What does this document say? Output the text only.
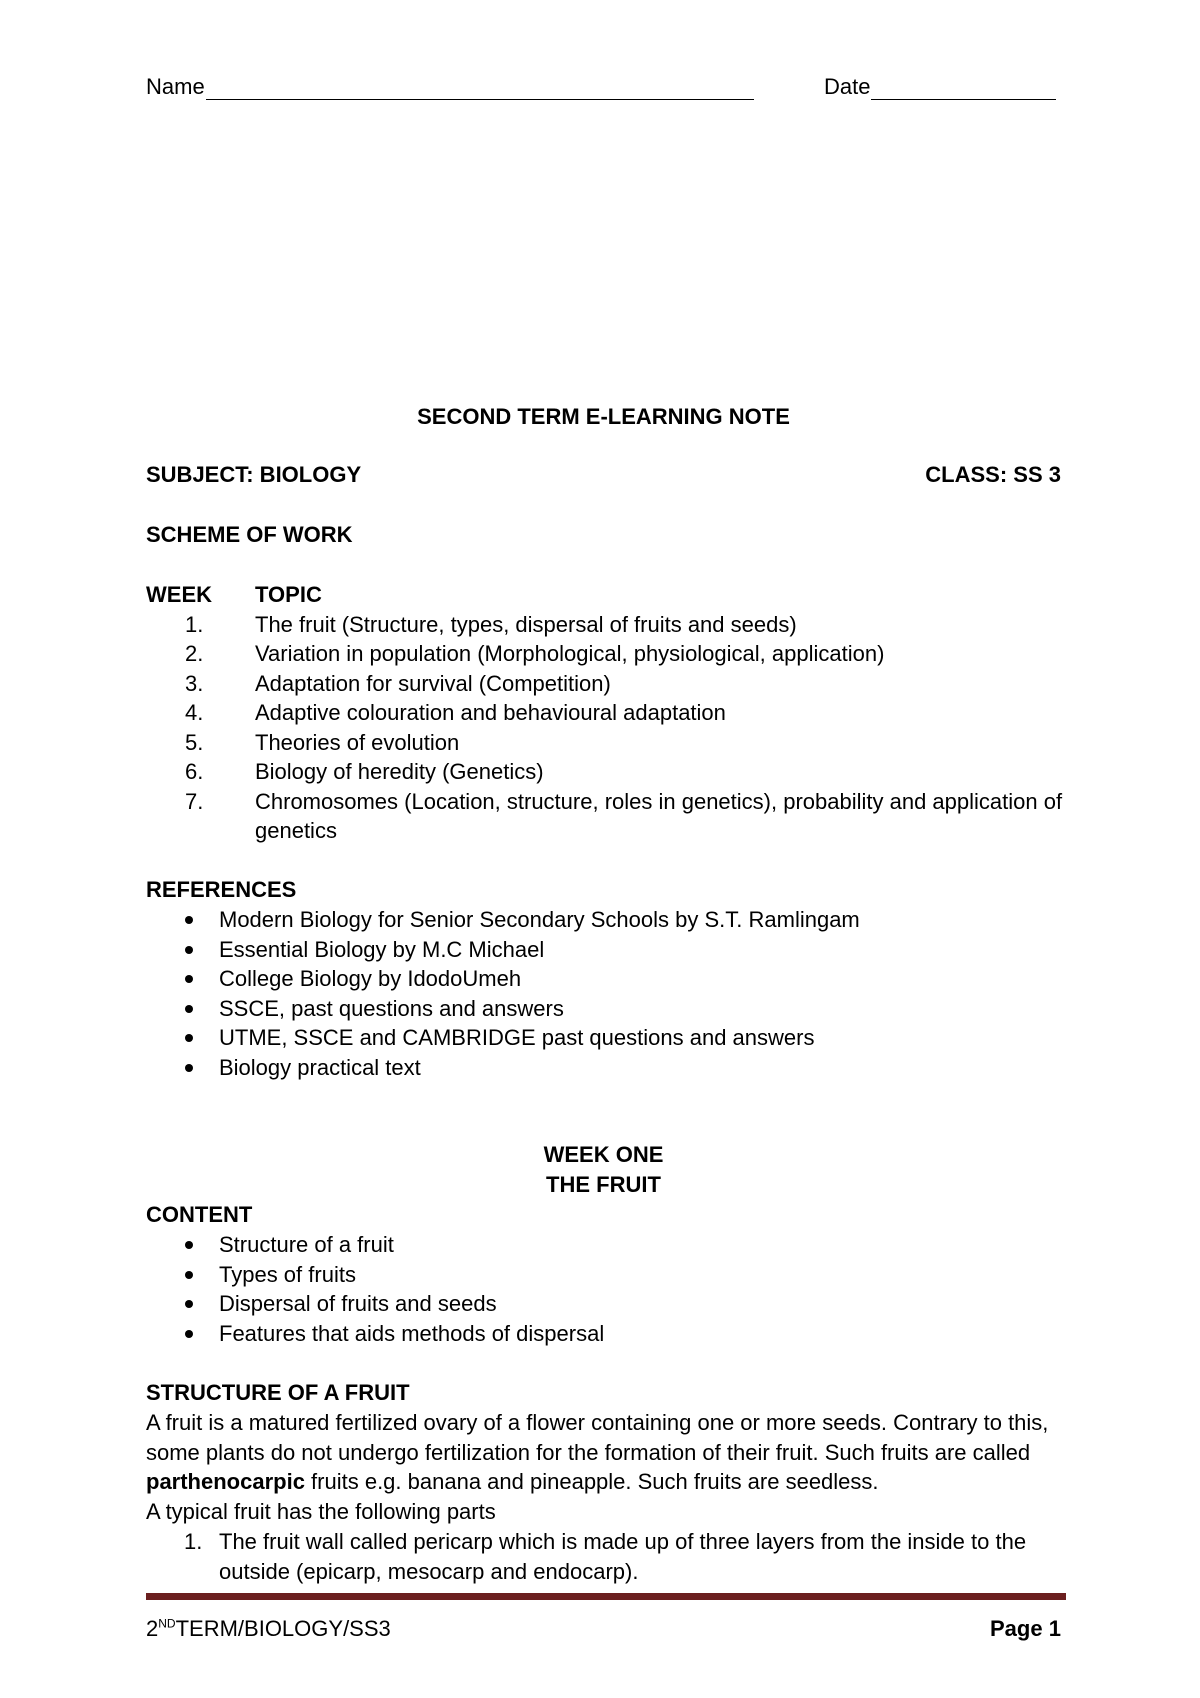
Name	Date
SECOND TERM E-LEARNING NOTE
SUBJECT: BIOLOGY	CLASS: SS 3
SCHEME OF WORK
WEEK TOPIC
1. The fruit (Structure, types, dispersal of fruits and seeds)
2. Variation in population (Morphological, physiological, application)
3. Adaptation for survival (Competition)
4. Adaptive colouration and behavioural adaptation
5. Theories of evolution
6. Biology of heredity (Genetics)
7. Chromosomes (Location, structure, roles in genetics), probability and application of genetics
REFERENCES
Modern Biology for Senior Secondary Schools by S.T. Ramlingam
Essential Biology by M.C Michael
College Biology by IdodoUmeh
SSCE, past questions and answers
UTME, SSCE and CAMBRIDGE past questions and answers
Biology practical text
WEEK ONE
THE FRUIT
CONTENT
Structure of a fruit
Types of fruits
Dispersal of fruits and seeds
Features that aids methods of dispersal
STRUCTURE OF A FRUIT
A fruit is a matured fertilized ovary of a flower containing one or more seeds. Contrary to this, some plants do not undergo fertilization for the formation of their fruit. Such fruits are called parthenocarpic fruits e.g. banana and pineapple. Such fruits are seedless.
A typical fruit has the following parts
1. The fruit wall called pericarp which is made up of three layers from the inside to the outside (epicarp, mesocarp and endocarp).
2NDTERM/BIOLOGY/SS3	Page 1
